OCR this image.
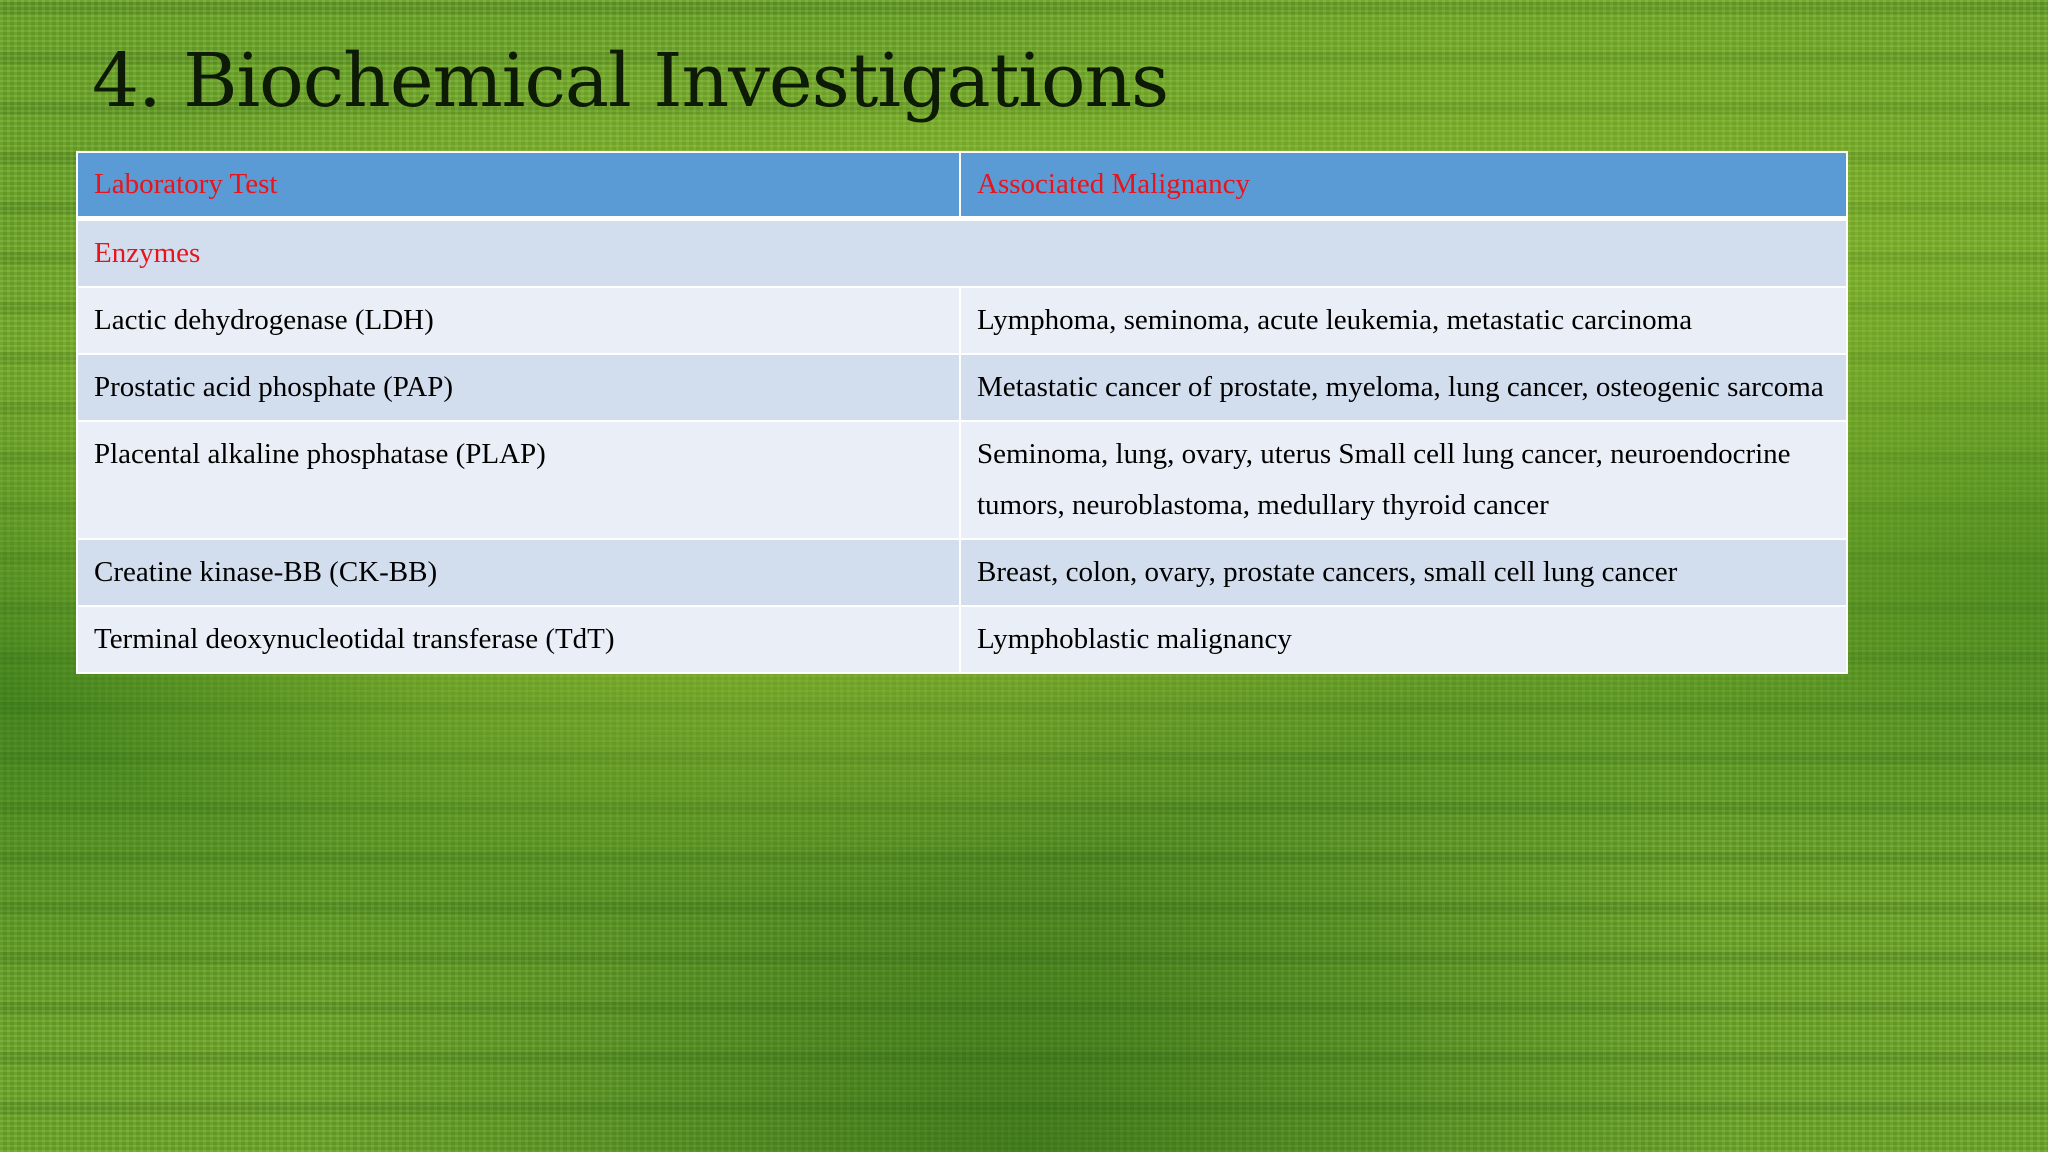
4. Biochemical Investigations
Laboratory Test	Associated Malignancy
Enzymes	
Lactic dehydrogenase (LDH)	Lymphoma, seminoma, acute leukemia, metastatic carcinoma
Prostatic acid phosphate (PAP)	Metastatic cancer of prostate, myeloma, lung cancer, osteogenic sarcoma
Placental alkaline phosphatase (PLAP)	Seminoma, lung, ovary, uterus Small cell lung cancer, neuroendocrine tumors, neuroblastoma, medullary thyroid cancer
Creatine kinase-BB (CK-BB)	Breast, colon, ovary, prostate cancers, small cell lung cancer
Terminal deoxynucleotidal transferase (TdT)	Lymphoblastic malignancy
